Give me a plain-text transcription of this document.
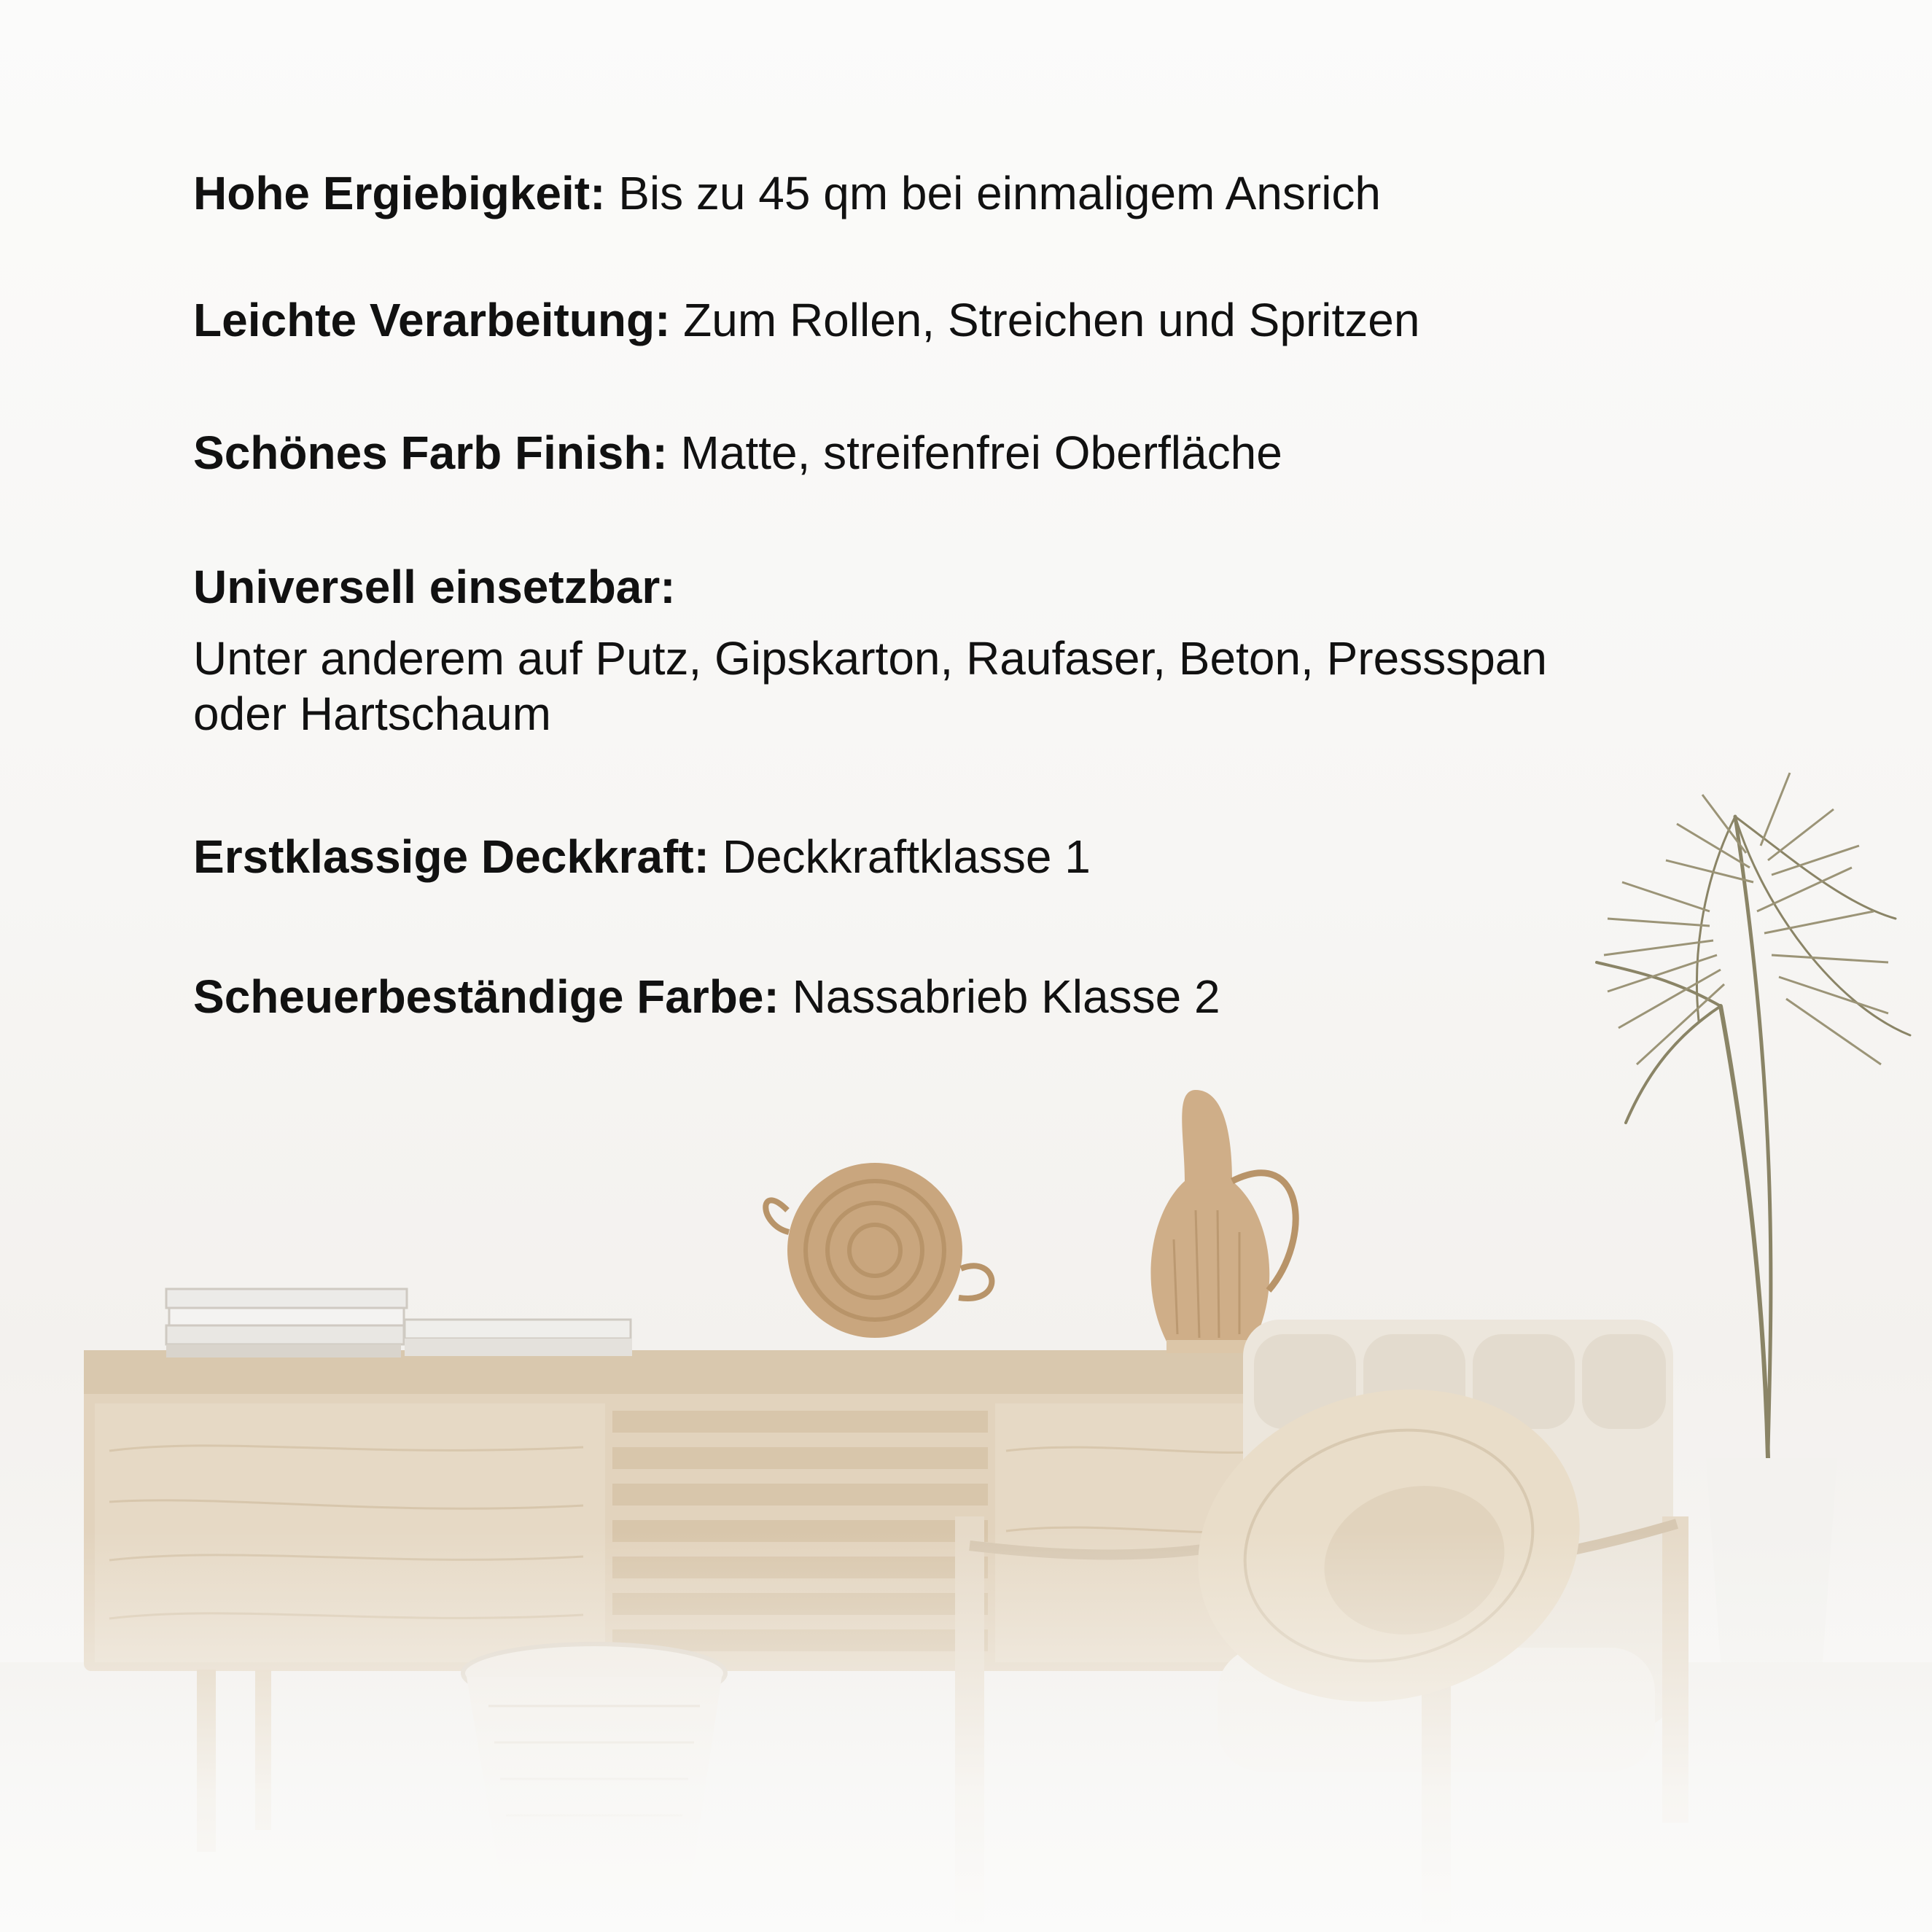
Hohe Ergiebigkeit: Bis zu 45 qm bei einmaligem Ansrich
Leichte Verarbeitung: Zum Rollen, Streichen und Spritzen
Schönes Farb Finish: Matte, streifenfrei Oberfläche
Universell einsetzbar:
Unter anderem auf Putz, Gipskarton, Raufaser, Beton, Pressspan oder Hartschaum
Erstklassige Deckkraft: Deckkraftklasse 1
Scheuerbeständige Farbe: Nassabrieb Klasse 2
